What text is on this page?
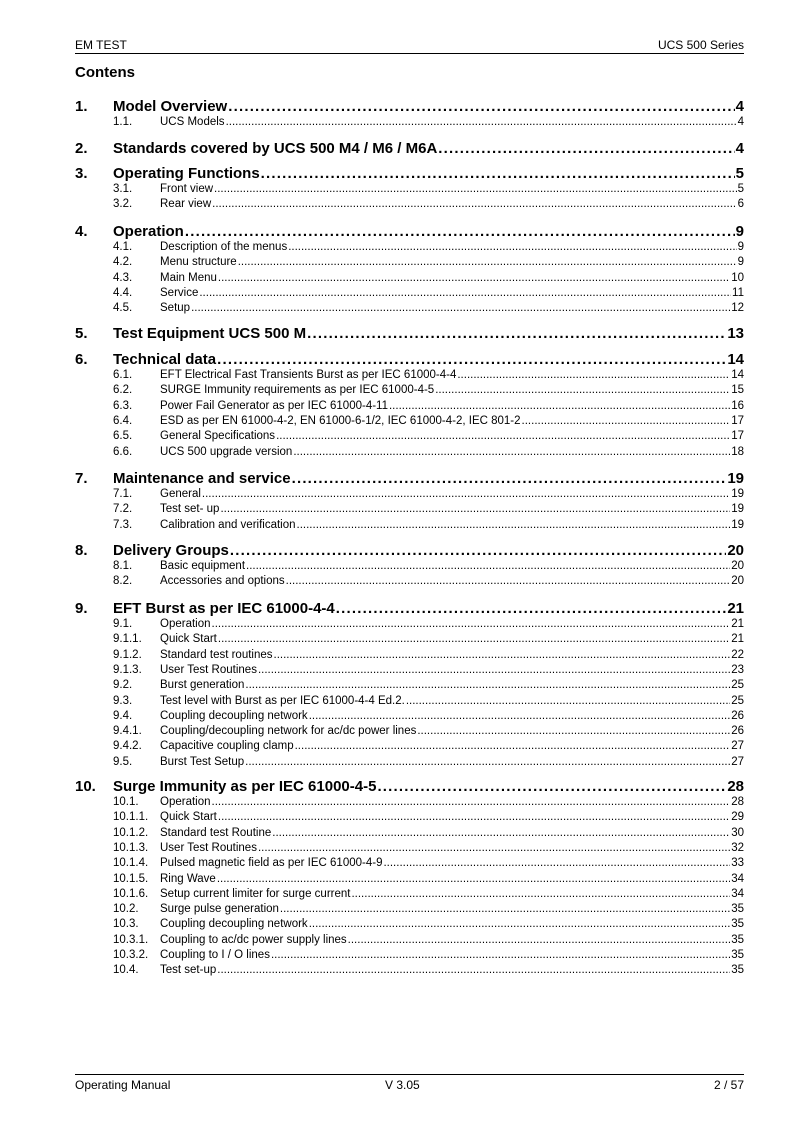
EM TEST	UCS 500 Series
Contens
1.	Model Overview .....	4
1.1.	UCS Models .....	4
2.	Standards covered by UCS 500 M4 / M6 / M6A .....	4
3.	Operating Functions .....	5
3.1.	Front view .....	5
3.2.	Rear view .....	6
4.	Operation .....	9
4.1.	Description of the menus .....	9
4.2.	Menu structure .....	9
4.3.	Main Menu .....	10
4.4.	Service .....	11
4.5.	Setup .....	12
5.	Test Equipment UCS 500 M .....	13
6.	Technical data .....	14
6.1.	EFT Electrical Fast Transients Burst as per IEC 61000-4-4 .....	14
6.2.	SURGE Immunity requirements as per IEC 61000-4-5 .....	15
6.3.	Power Fail Generator as per IEC 61000-4-11 .....	16
6.4.	ESD as per EN 61000-4-2, EN 61000-6-1/2, IEC 61000-4-2, IEC 801-2 .....	17
6.5.	General Specifications .....	17
6.6.	UCS 500 upgrade version .....	18
7.	Maintenance and service .....	19
7.1.	General .....	19
7.2.	Test set- up .....	19
7.3.	Calibration and verification .....	19
8.	Delivery Groups .....	20
8.1.	Basic equipment .....	20
8.2.	Accessories and options .....	20
9.	EFT Burst as per IEC 61000-4-4 .....	21
9.1.	Operation .....	21
9.1.1.	Quick Start .....	21
9.1.2.	Standard test routines .....	22
9.1.3.	User Test Routines .....	23
9.2.	Burst generation .....	25
9.3.	Test level with Burst as per IEC 61000-4-4 Ed.2. .....	25
9.4.	Coupling decoupling network .....	26
9.4.1.	Coupling/decoupling network for ac/dc power lines .....	26
9.4.2.	Capacitive coupling clamp .....	27
9.5.	Burst Test Setup .....	27
10.	Surge Immunity as per IEC 61000-4-5 .....	28
10.1.	Operation .....	28
10.1.1.	Quick Start .....	29
10.1.2.	Standard test Routine .....	30
10.1.3.	User Test Routines .....	32
10.1.4.	Pulsed magnetic field as per IEC 61000-4-9 .....	33
10.1.5.	Ring Wave .....	34
10.1.6.	Setup current limiter for surge current .....	34
10.2.	Surge pulse generation .....	35
10.3.	Coupling decoupling network .....	35
10.3.1.	Coupling to ac/dc power supply lines .....	35
10.3.2.	Coupling to I / O lines .....	35
10.4.	Test set-up .....	35
Operating Manual	V 3.05	2 / 57
